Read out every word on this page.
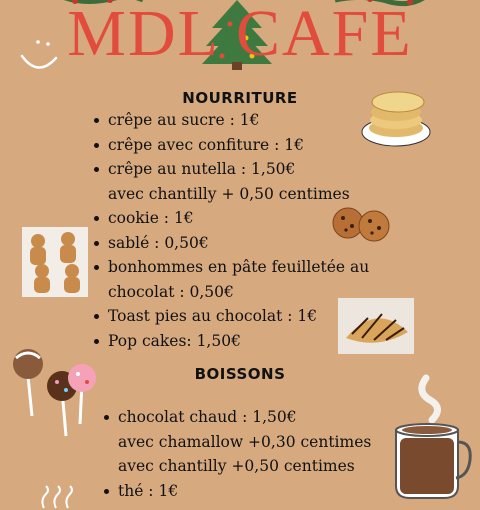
MDL CAFE
NOURRITURE
crêpe au sucre : 1€
crêpe avec confiture : 1€
crêpe au nutella : 1,50€
avec chantilly + 0,50 centimes
cookie : 1€
sablé : 0,50€
bonhommes en pâte feuilletée au
chocolat : 0,50€
Toast pies au chocolat : 1€
Pop cakes: 1,50€
BOISSONS
chocolat chaud : 1,50€
avec chamallow +0,30 centimes
avec chantilly +0,50 centimes
thé : 1€
